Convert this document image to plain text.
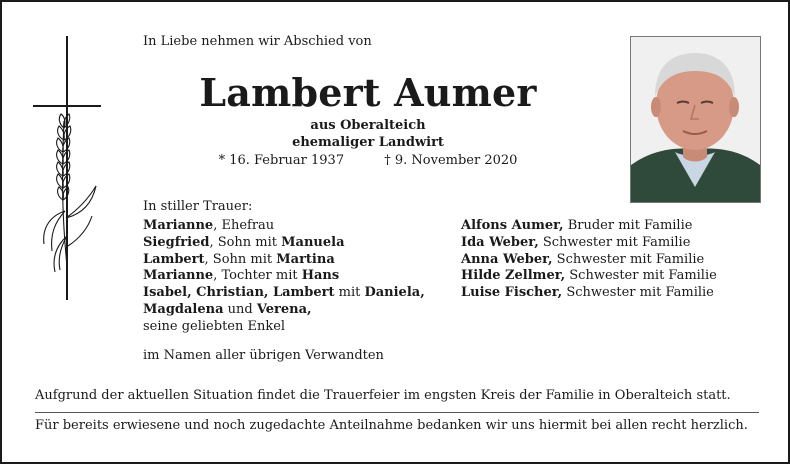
In Liebe nehmen wir Abschied von
Lambert Aumer
aus Oberalteich
ehemaliger Landwirt
* 16. Februar 1937	† 9. November 2020
In stiller Trauer:
Marianne, Ehefrau
Siegfried, Sohn mit Manuela
Lambert, Sohn mit Martina
Marianne, Tochter mit Hans
Isabel, Christian, Lambert mit Daniela,
Magdalena und Verena,
seine geliebten Enkel
Alfons Aumer, Bruder mit Familie
Ida Weber, Schwester mit Familie
Anna Weber, Schwester mit Familie
Hilde Zellmer, Schwester mit Familie
Luise Fischer, Schwester mit Familie
im Namen aller übrigen Verwandten
Aufgrund der aktuellen Situation findet die Trauerfeier im engsten Kreis der Familie in Oberalteich statt.
Für bereits erwiesene und noch zugedachte Anteilnahme bedanken wir uns hiermit bei allen recht herzlich.
